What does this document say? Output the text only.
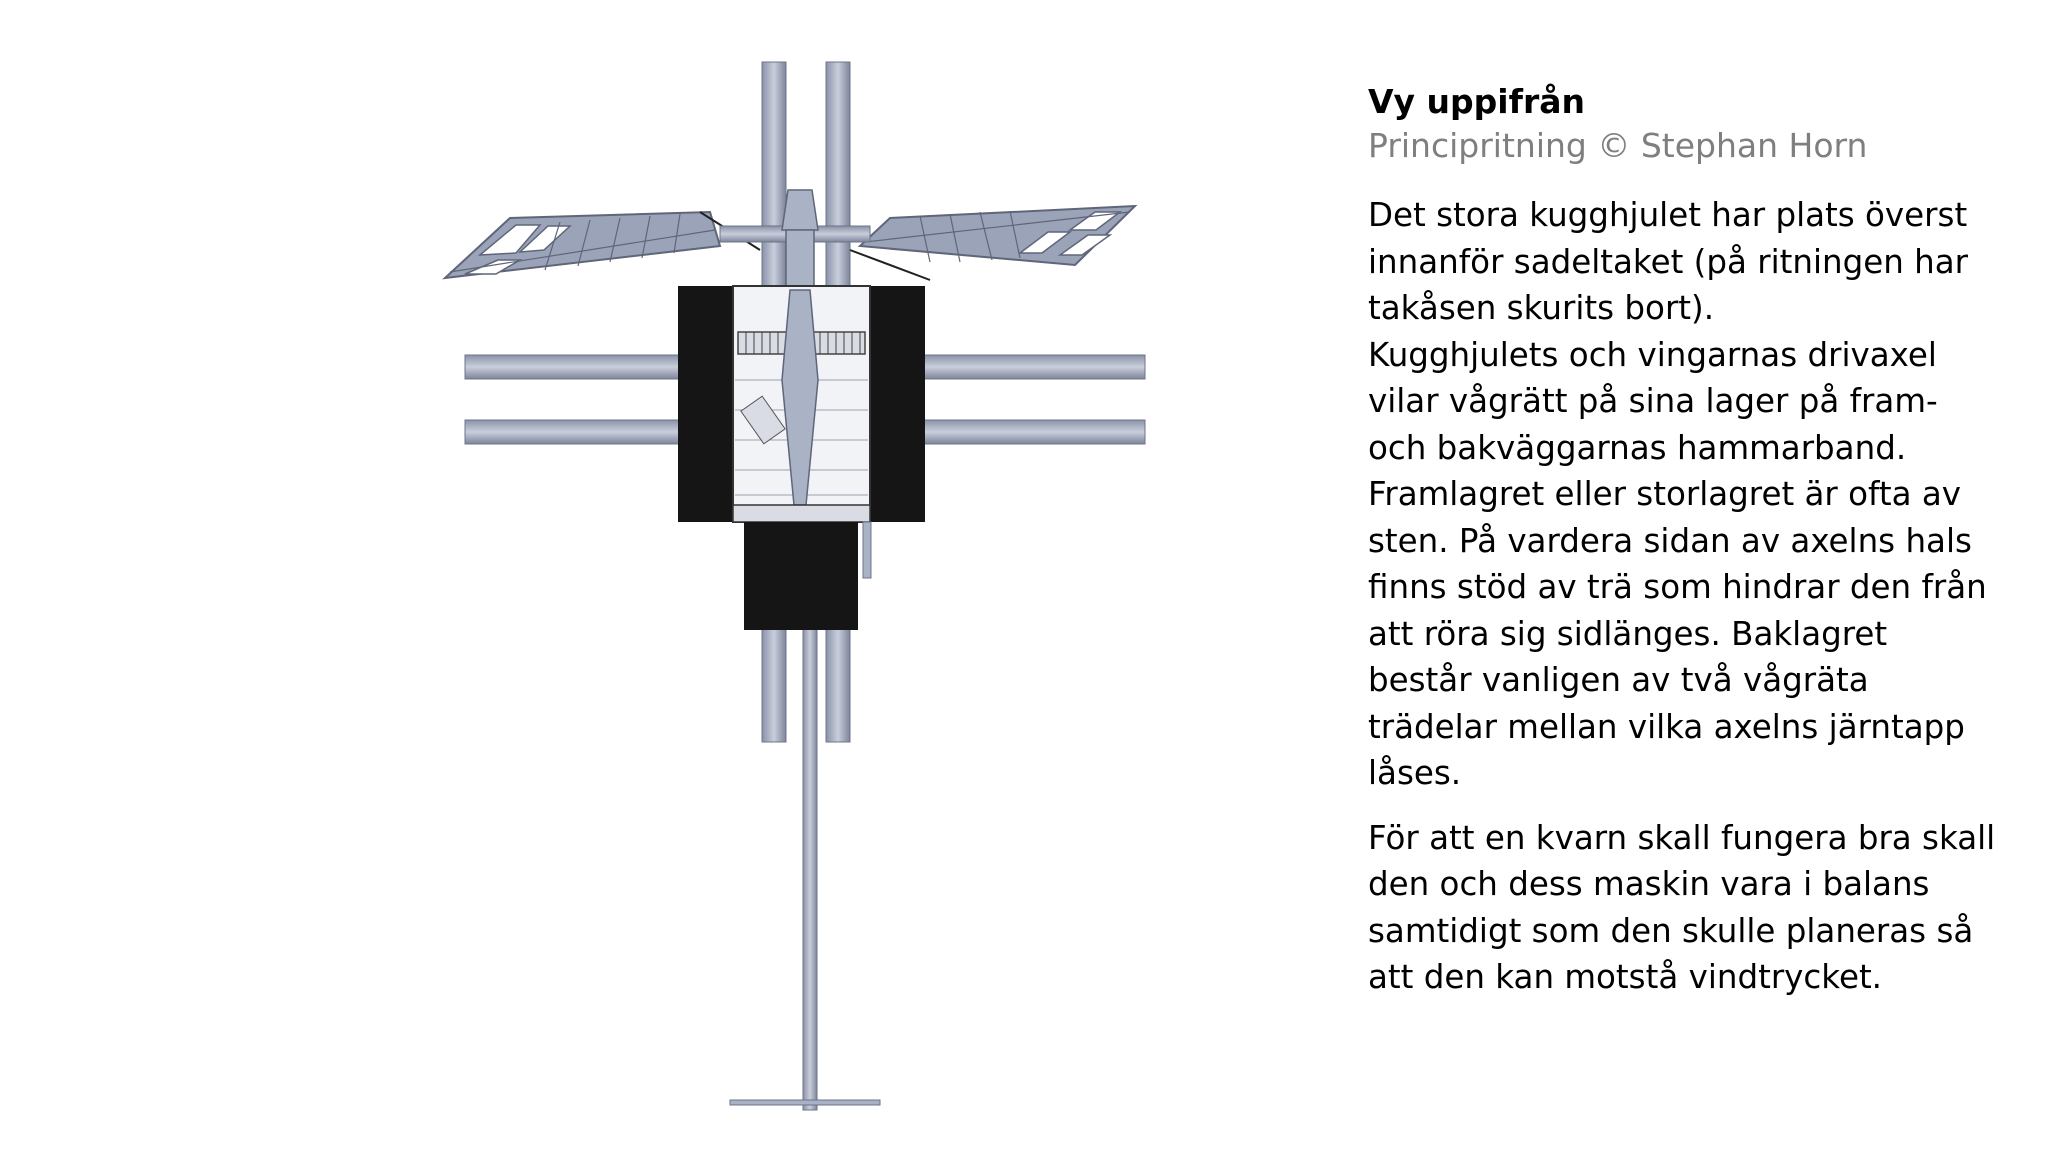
Vy uppifrån

Principritning © Stephan Horn

Det stora kugghjulet har plats överst
innanför sadeltaket (på ritningen har
takåsen skurits bort).
Kugghjulets och vingarnas drivaxel
vilar vågrätt på sina lager på fram-
och bakväggarnas hammarband.
Framlagret eller storlagret är ofta av
sten. På vardera sidan av axelns hals
finns stöd av trä som hindrar den från
att röra sig sidlänges. Baklagret
består vanligen av två vågräta
trädelar mellan vilka axelns järntapp
låses.

För att en kvarn skall fungera bra skall
den och dess maskin vara i balans
samtidigt som den skulle planeras så
att den kan motstå vindtrycket.
